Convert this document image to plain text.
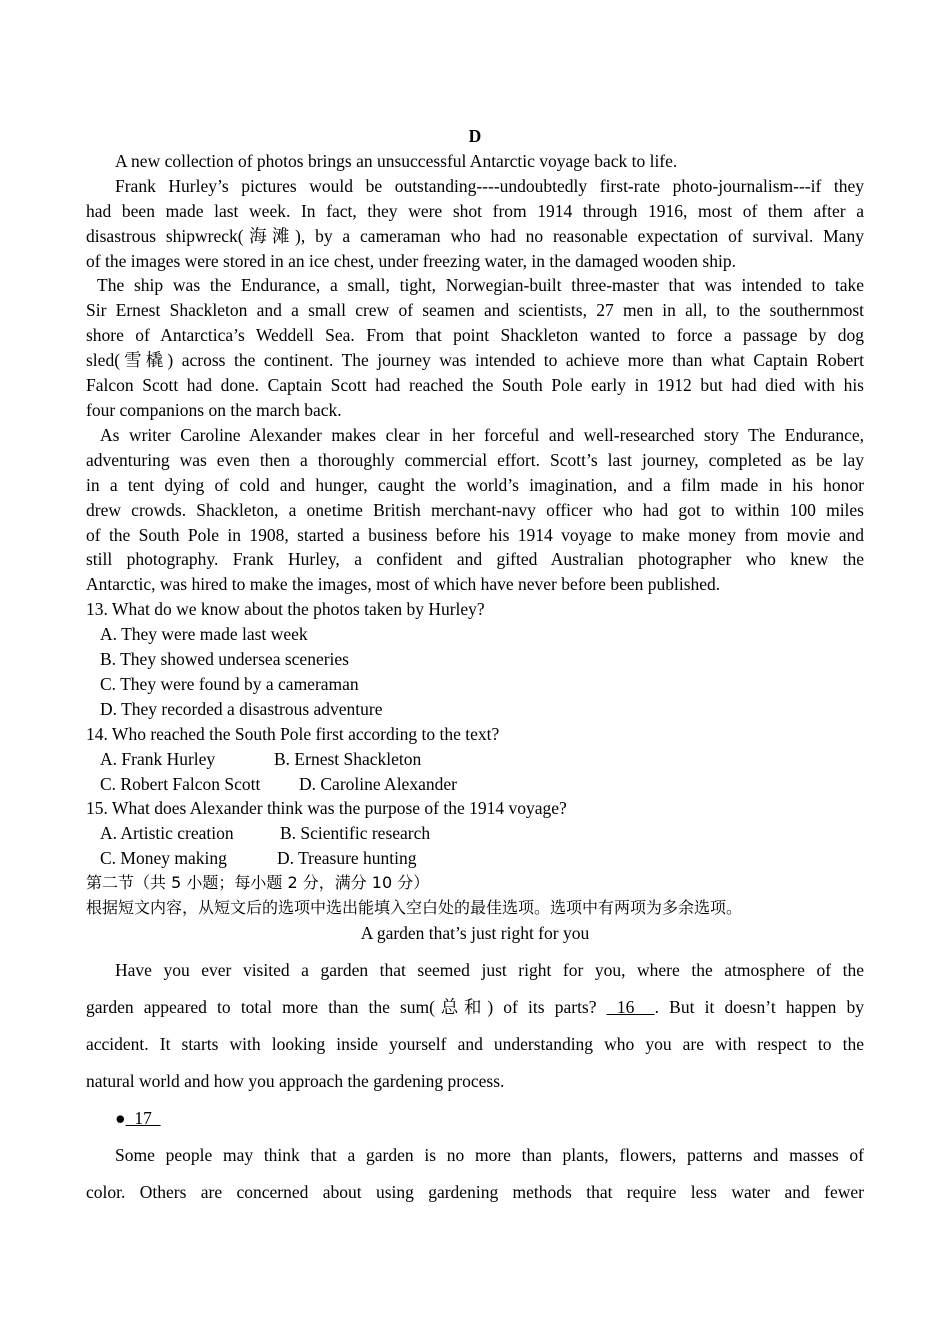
D

A new collection of photos brings an unsuccessful Antarctic voyage back to life.

Frank Hurley’s pictures would be outstanding----undoubtedly first-rate photo-journalism---if they

had been made last week. In fact, they were shot from 1914 through 1916, most of them after a

disastrous shipwreck(海滩), by a cameraman who had no reasonable expectation of survival. Many

of the images were stored in an ice chest, under freezing water, in the damaged wooden ship.

The ship was the Endurance, a small, tight, Norwegian-built three-master that was intended to take

Sir Ernest Shackleton and a small crew of seamen and scientists, 27 men in all, to the southernmost

shore of Antarctica’s Weddell Sea. From that point Shackleton wanted to force a passage by dog

sled(雪橇) across the continent. The journey was intended to achieve more than what Captain Robert

Falcon Scott had done. Captain Scott had reached the South Pole early in 1912 but had died with his

four companions on the march back.

As writer Caroline Alexander makes clear in her forceful and well-researched story The Endurance,

adventuring was even then a thoroughly commercial effort. Scott’s last journey, completed as be lay

in a tent dying of cold and hunger, caught the world’s imagination, and a film made in his honor

drew crowds. Shackleton, a onetime British merchant-navy officer who had got to within 100 miles

of the South Pole in 1908, started a business before his 1914 voyage to make money from movie and

still photography. Frank Hurley, a confident and gifted Australian photographer who knew the

Antarctic, was hired to make the images, most of which have never before been published.

13. What do we know about the photos taken by Hurley?

A. They were made last week

B. They showed undersea sceneries

C. They were found by a cameraman

D. They recorded a disastrous adventure

14. Who reached the South Pole first according to the text?

A. Frank Hurley	B. Ernest Shackleton

C. Robert Falcon Scott D. Caroline Alexander

15. What does Alexander think was the purpose of the 1914 voyage?

A. Artistic creation	B. Scientific research

C. Money making	D. Treasure hunting

第二节（共 5 小题；每小题 2 分，满分 10 分）

根据短文内容，从短文后的选项中选出能填入空白处的最佳选项。选项中有两项为多余选项。

A garden that’s just right for you

Have you ever visited a garden that seemed just right for you, where the atmosphere of the

garden appeared to total more than the sum(总和) of its parts?  16  . But it doesn’t happen by

accident. It starts with looking inside yourself and understanding who you are with respect to the

natural world and how you approach the gardening process.

●  17

Some people may think that a garden is no more than plants, flowers, patterns and masses of

color. Others are concerned about using gardening methods that require less water and fewer
